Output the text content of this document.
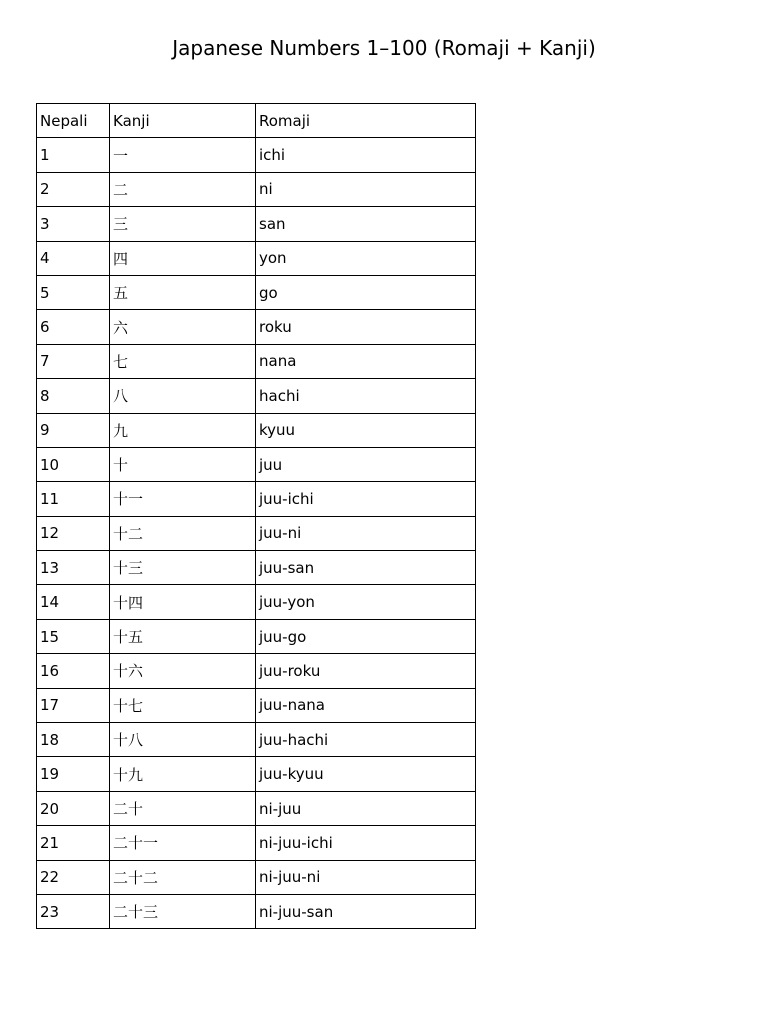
Japanese Numbers 1–100 (Romaji + Kanji)
Nepali	Kanji	Romaji
1	一	ichi
2	二	ni
3	三	san
4	四	yon
5	五	go
6	六	roku
7	七	nana
8	八	hachi
9	九	kyuu
10	十	juu
11	十一	juu-ichi
12	十二	juu-ni
13	十三	juu-san
14	十四	juu-yon
15	十五	juu-go
16	十六	juu-roku
17	十七	juu-nana
18	十八	juu-hachi
19	十九	juu-kyuu
20	二十	ni-juu
21	二十一	ni-juu-ichi
22	二十二	ni-juu-ni
23	二十三	ni-juu-san
